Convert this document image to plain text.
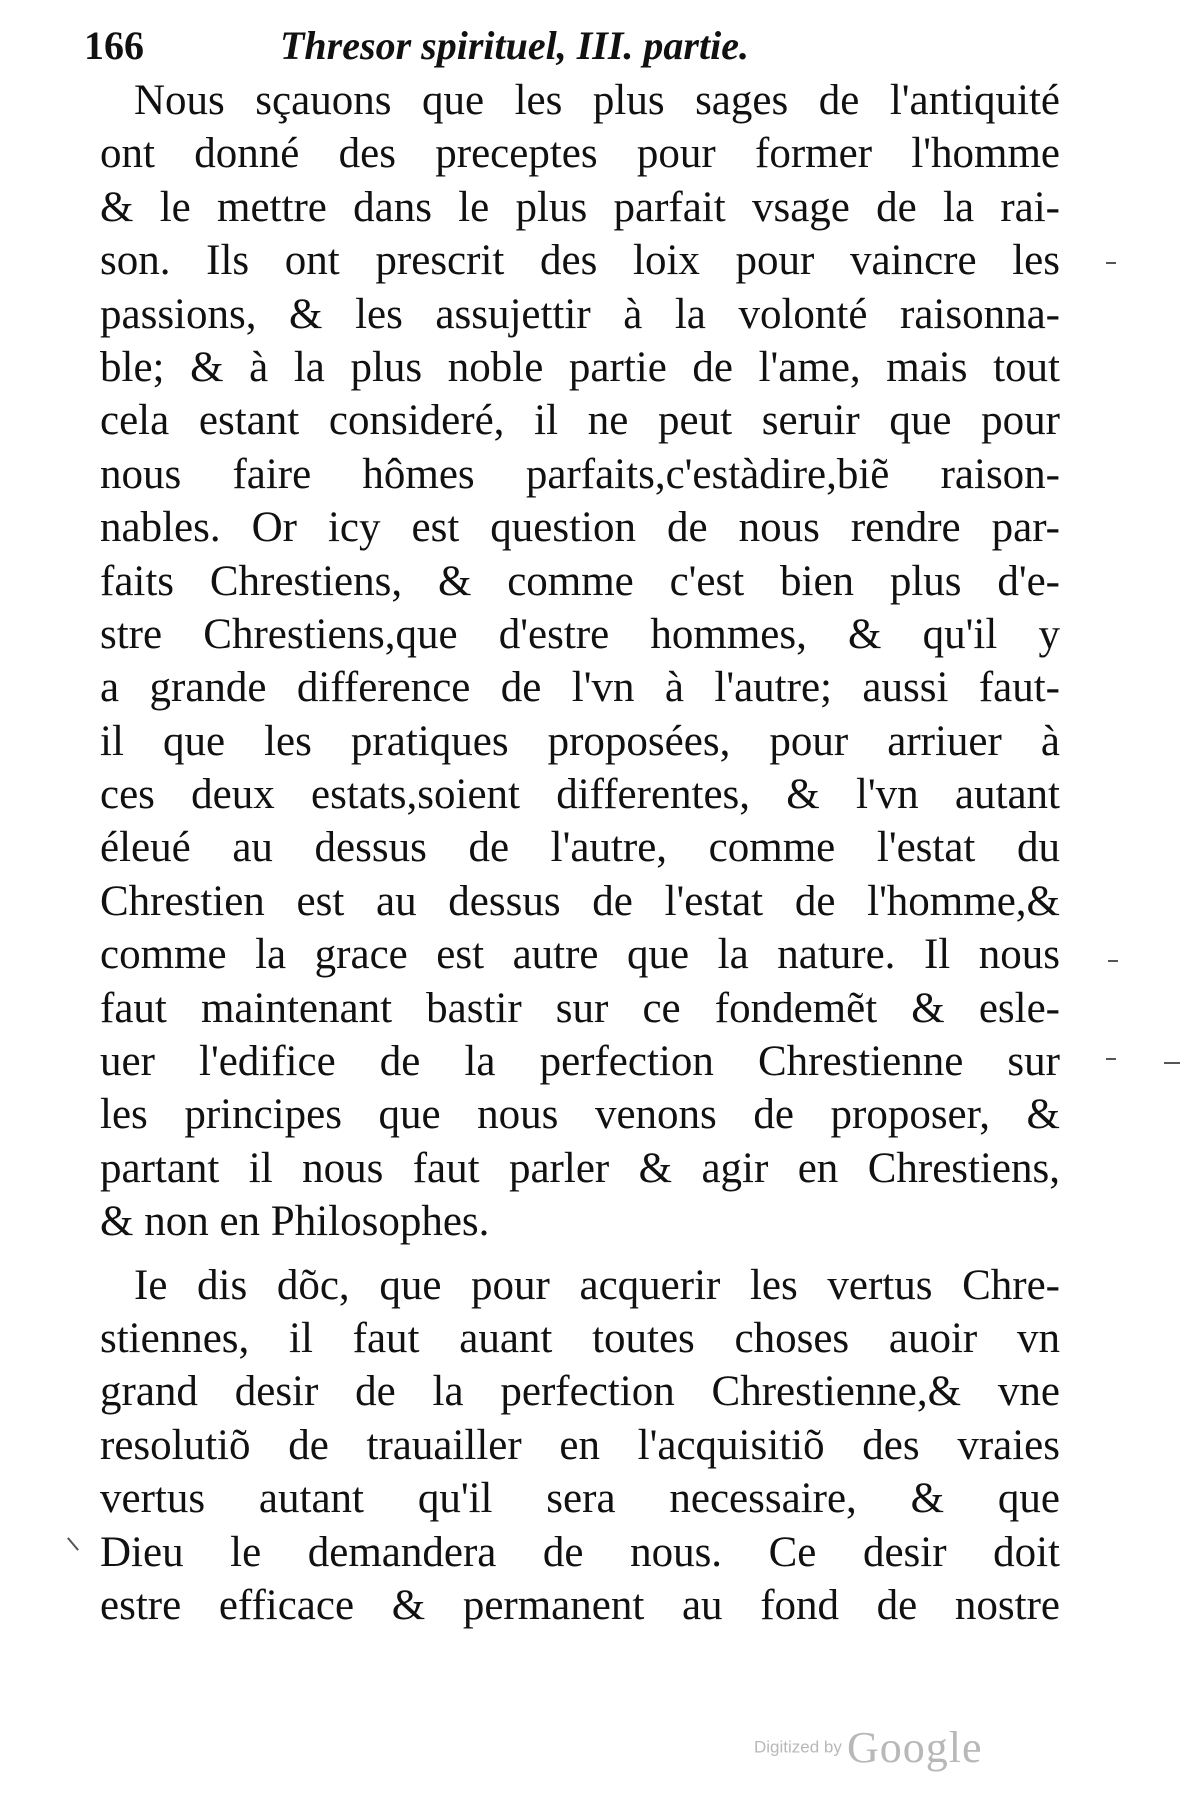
166	Thresor spirituel, III. partie.
Nous sçauons que les plus sages de l'antiquité
ont donné des preceptes pour former l'homme
& le mettre dans le plus parfait vsage de la rai-
son. Ils ont prescrit des loix pour vaincre les
passions, & les assujettir à la volonté raisonna-
ble; & à la plus noble partie de l'ame, mais tout
cela estant consideré, il ne peut seruir que pour
nous faire hômes parfaits,c'estàdire,biẽ raison-
nables. Or icy est question de nous rendre par-
faits Chrestiens, & comme c'est bien plus d'e-
stre Chrestiens,que d'estre hommes, & qu'il y
a grande difference de l'vn à l'autre; aussi faut-
il que les pratiques proposées, pour arriuer à
ces deux estats,soient differentes, & l'vn autant
éleué au dessus de l'autre, comme l'estat du
Chrestien est au dessus de l'estat de l'homme,&
comme la grace est autre que la nature. Il nous
faut maintenant bastir sur ce fondemẽt & esle-
uer l'edifice de la perfection Chrestienne sur
les principes que nous venons de proposer, &
partant il nous faut parler & agir en Chrestiens,
& non en Philosophes.
Ie dis dõc, que pour acquerir les vertus Chre-
stiennes, il faut auant toutes choses auoir vn
grand desir de la perfection Chrestienne,& vne
resolutiõ de trauailler en l'acquisitiõ des vraies
vertus autant qu'il sera necessaire, & que
Dieu le demandera de nous. Ce desir doit
estre efficace & permanent au fond de nostre
Digitized by Google
